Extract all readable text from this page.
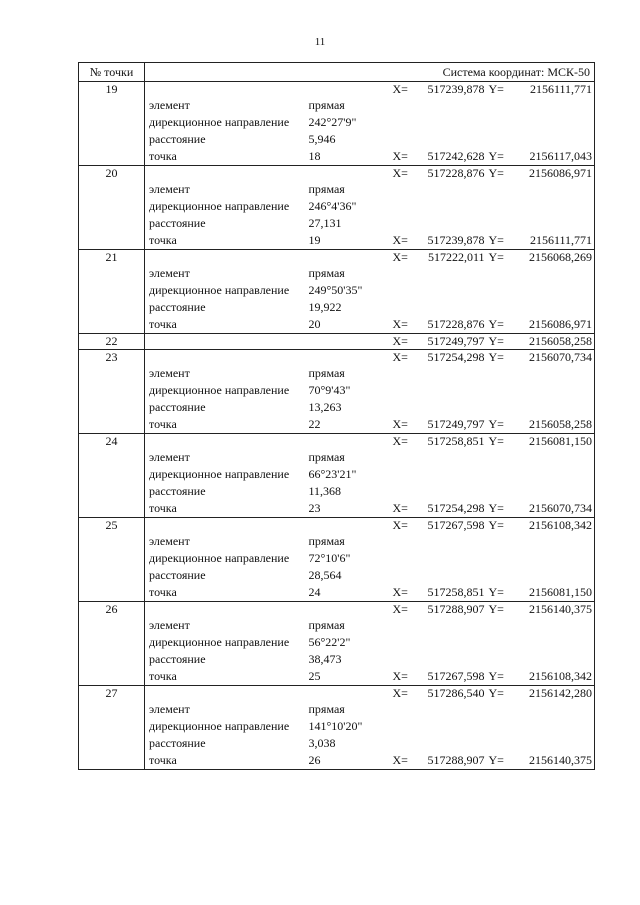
11
№ точки	Система координат: МСК-50					
19			X=	517239,878	Y=	2156111,771
	элемент	прямая				
	дирекционное направление	242°27'9"				
	расстояние	5,946				
	точка	18	X=	517242,628	Y=	2156117,043
20			X=	517228,876	Y=	2156086,971
	элемент	прямая				
	дирекционное направление	246°4'36"				
	расстояние	27,131				
	точка	19	X=	517239,878	Y=	2156111,771
21			X=	517222,011	Y=	2156068,269
	элемент	прямая				
	дирекционное направление	249°50'35"				
	расстояние	19,922				
	точка	20	X=	517228,876	Y=	2156086,971
22			X=	517249,797	Y=	2156058,258
23			X=	517254,298	Y=	2156070,734
	элемент	прямая				
	дирекционное направление	70°9'43"				
	расстояние	13,263				
	точка	22	X=	517249,797	Y=	2156058,258
24			X=	517258,851	Y=	2156081,150
	элемент	прямая				
	дирекционное направление	66°23'21"				
	расстояние	11,368				
	точка	23	X=	517254,298	Y=	2156070,734
25			X=	517267,598	Y=	2156108,342
	элемент	прямая				
	дирекционное направление	72°10'6"				
	расстояние	28,564				
	точка	24	X=	517258,851	Y=	2156081,150
26			X=	517288,907	Y=	2156140,375
	элемент	прямая				
	дирекционное направление	56°22'2"				
	расстояние	38,473				
	точка	25	X=	517267,598	Y=	2156108,342
27			X=	517286,540	Y=	2156142,280
	элемент	прямая				
	дирекционное направление	141°10'20"				
	расстояние	3,038				
	точка	26	X=	517288,907	Y=	2156140,375
